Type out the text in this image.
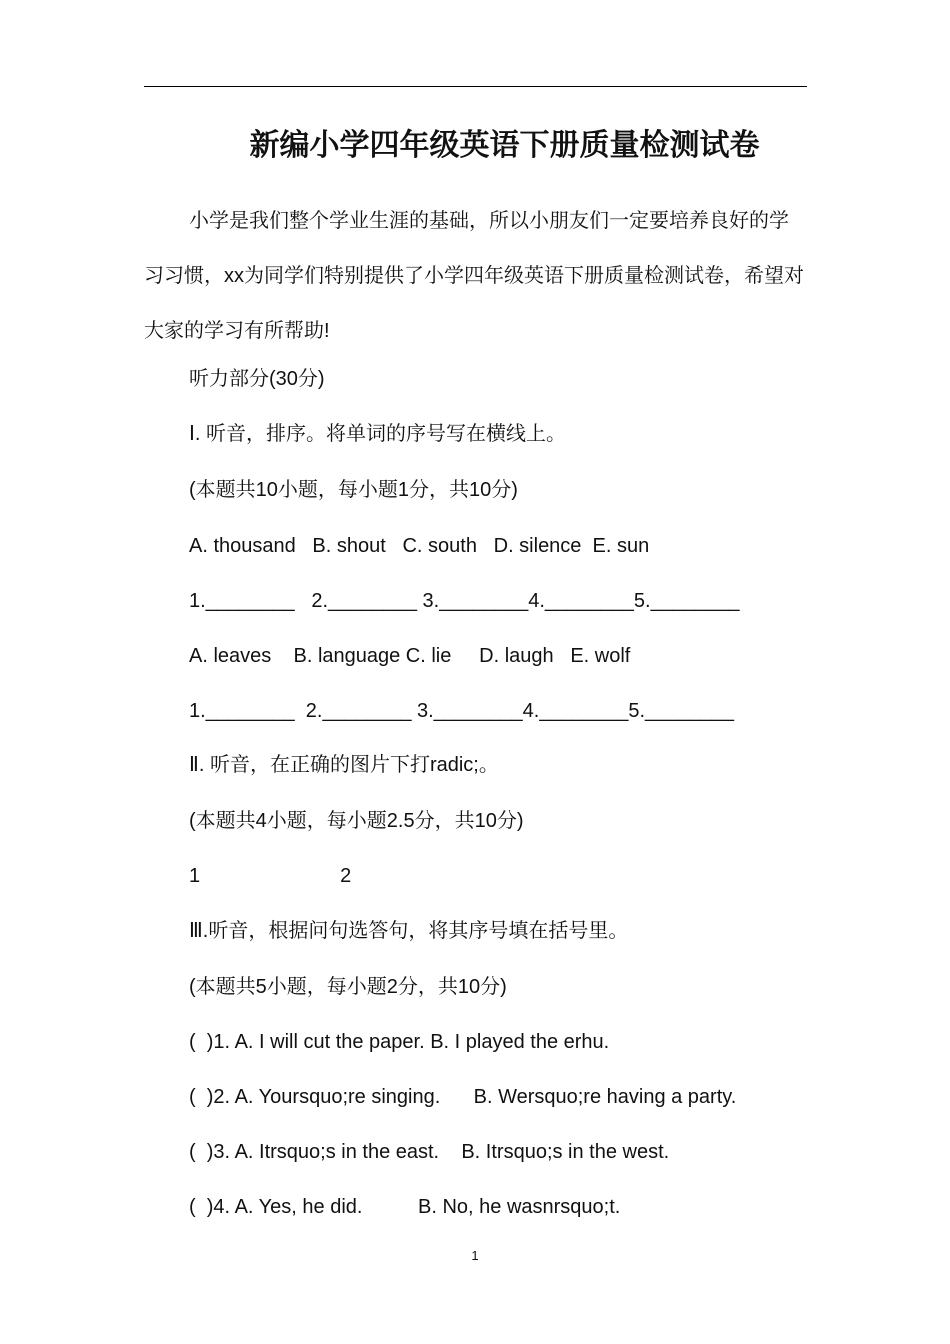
新编小学四年级英语下册质量检测试卷

小学是我们整个学业生涯的基础，所以小朋友们一定要培养良好的学习习惯，xx为同学们特别提供了小学四年级英语下册质量检测试卷，希望对大家的学习有所帮助!

听力部分(30分)

Ⅰ. 听音，排序。将单词的序号写在横线上。

(本题共10小题，每小题1分，共10分)

A. thousand   B. shout   C. south   D. silence  E. sun

1.________   2.________ 3.________4.________5.________

A. leaves    B. language C. lie     D. laugh   E. wolf

1.________  2.________ 3.________4.________5.________

Ⅱ. 听音，在正确的图片下打radic;。

(本题共4小题，每小题2.5分，共10分)

1	2

Ⅲ.听音，根据问句选答句，将其序号填在括号里。

(本题共5小题，每小题2分，共10分)

(  )1. A. I will cut the paper. B. I played the erhu.

(  )2. A. Yoursquo;re singing.      B. Wersquo;re having a party.

(  )3. A. Itrsquo;s in the east.    B. Itrsquo;s in the west.

(  )4. A. Yes, he did.          B. No, he wasnrsquo;t.

1
